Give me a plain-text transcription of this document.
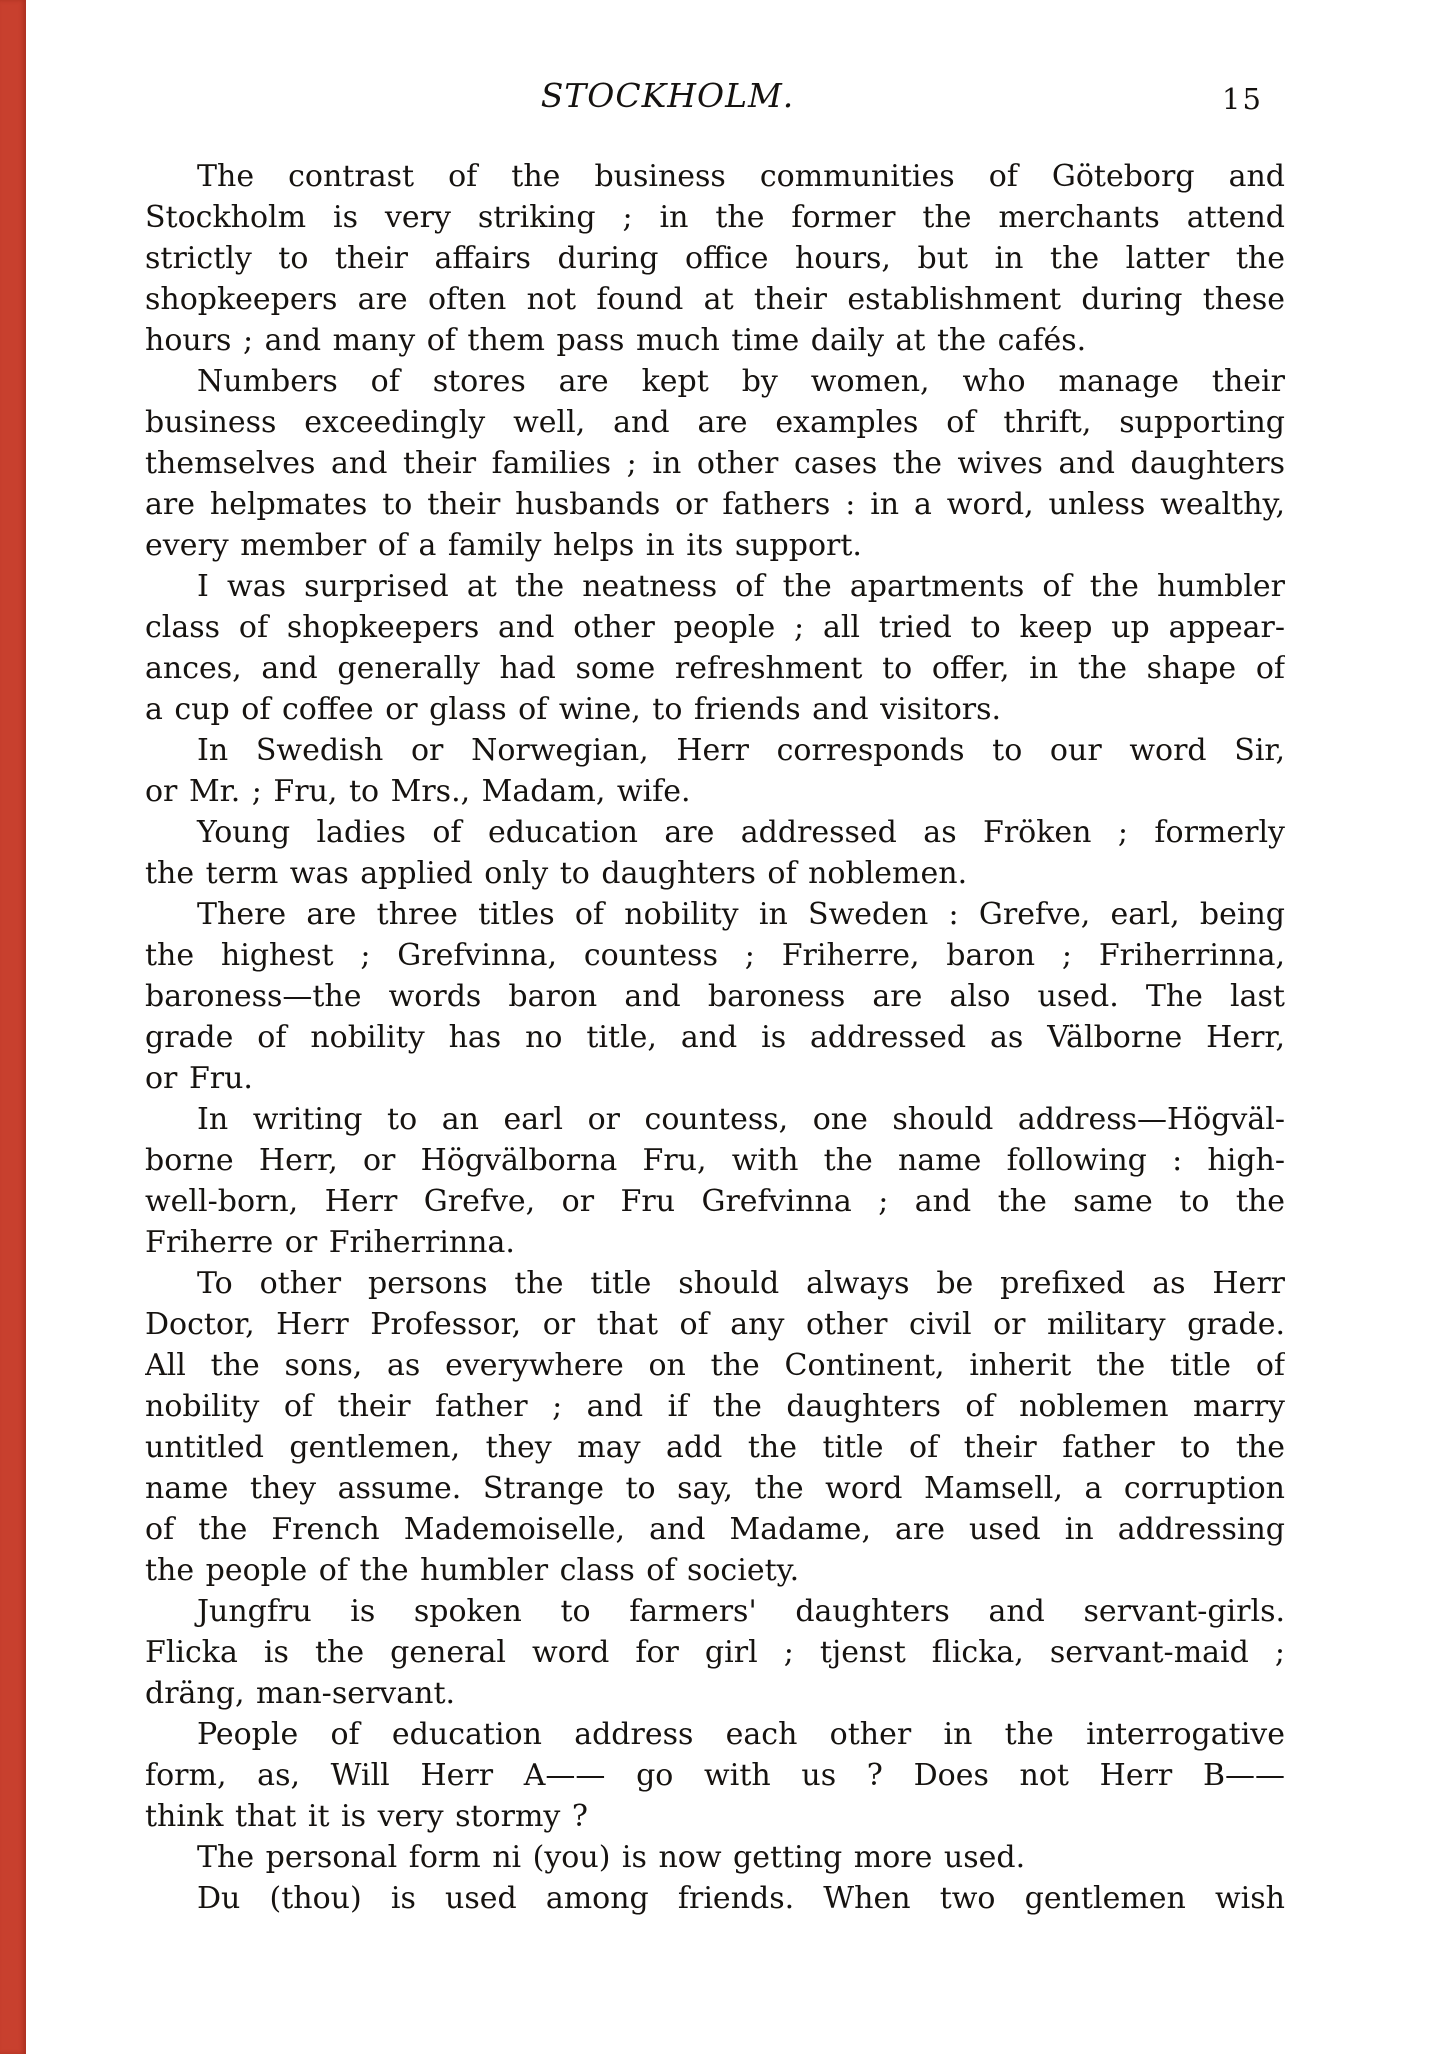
STOCKHOLM.	15
The contrast of the business communities of Göteborg and
Stockholm is very striking ; in the former the merchants attend
strictly to their affairs during office hours, but in the latter the
shopkeepers are often not found at their establishment during these
hours ; and many of them pass much time daily at the cafés.
Numbers of stores are kept by women, who manage their
business exceedingly well, and are examples of thrift, supporting
themselves and their families ; in other cases the wives and daughters
are helpmates to their husbands or fathers : in a word, unless wealthy,
every member of a family helps in its support.
I was surprised at the neatness of the apartments of the humbler
class of shopkeepers and other people ; all tried to keep up appear-
ances, and generally had some refreshment to offer, in the shape of
a cup of coffee or glass of wine, to friends and visitors.
In Swedish or Norwegian, Herr corresponds to our word Sir,
or Mr. ; Fru, to Mrs., Madam, wife.
Young ladies of education are addressed as Fröken ; formerly
the term was applied only to daughters of noblemen.
There are three titles of nobility in Sweden : Grefve, earl, being
the highest ; Grefvinna, countess ; Friherre, baron ; Friherrinna,
baroness—the words baron and baroness are also used. The last
grade of nobility has no title, and is addressed as Välborne Herr,
or Fru.
In writing to an earl or countess, one should address—Högväl-
borne Herr, or Högvälborna Fru, with the name following : high-
well-born, Herr Grefve, or Fru Grefvinna ; and the same to the
Friherre or Friherrinna.
To other persons the title should always be prefixed as Herr
Doctor, Herr Professor, or that of any other civil or military grade.
All the sons, as everywhere on the Continent, inherit the title of
nobility of their father ; and if the daughters of noblemen marry
untitled gentlemen, they may add the title of their father to the
name they assume. Strange to say, the word Mamsell, a corruption
of the French Mademoiselle, and Madame, are used in addressing
the people of the humbler class of society.
Jungfru is spoken to farmers' daughters and servant-girls.
Flicka is the general word for girl ; tjenst flicka, servant-maid ;
dräng, man-servant.
People of education address each other in the interrogative
form, as, Will Herr A—— go with us ? Does not Herr B——
think that it is very stormy ?
The personal form ni (you) is now getting more used.
Du (thou) is used among friends. When two gentlemen wish
